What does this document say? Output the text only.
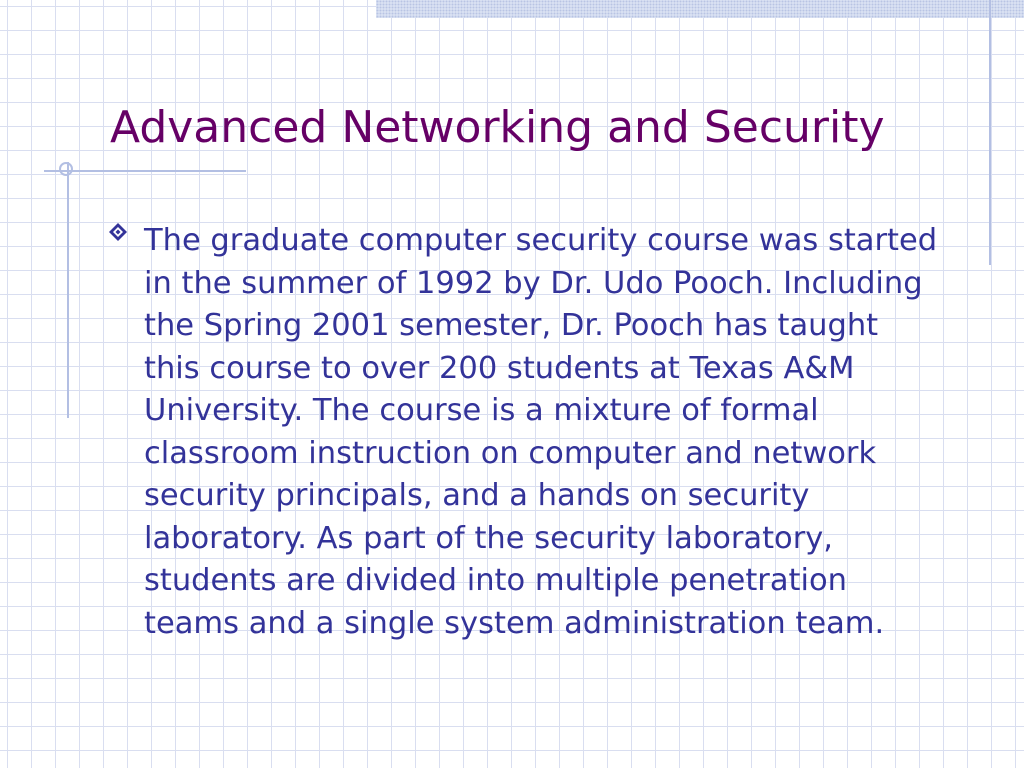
Advanced Networking and Security

The graduate computer security course was started in the summer of 1992 by Dr. Udo Pooch. Including the Spring 2001 semester, Dr. Pooch has taught this course to over 200 students at Texas A&M University. The course is a mixture of formal classroom instruction on computer and network security principals, and a hands on security laboratory. As part of the security laboratory, students are divided into multiple penetration teams and a single system administration team.
